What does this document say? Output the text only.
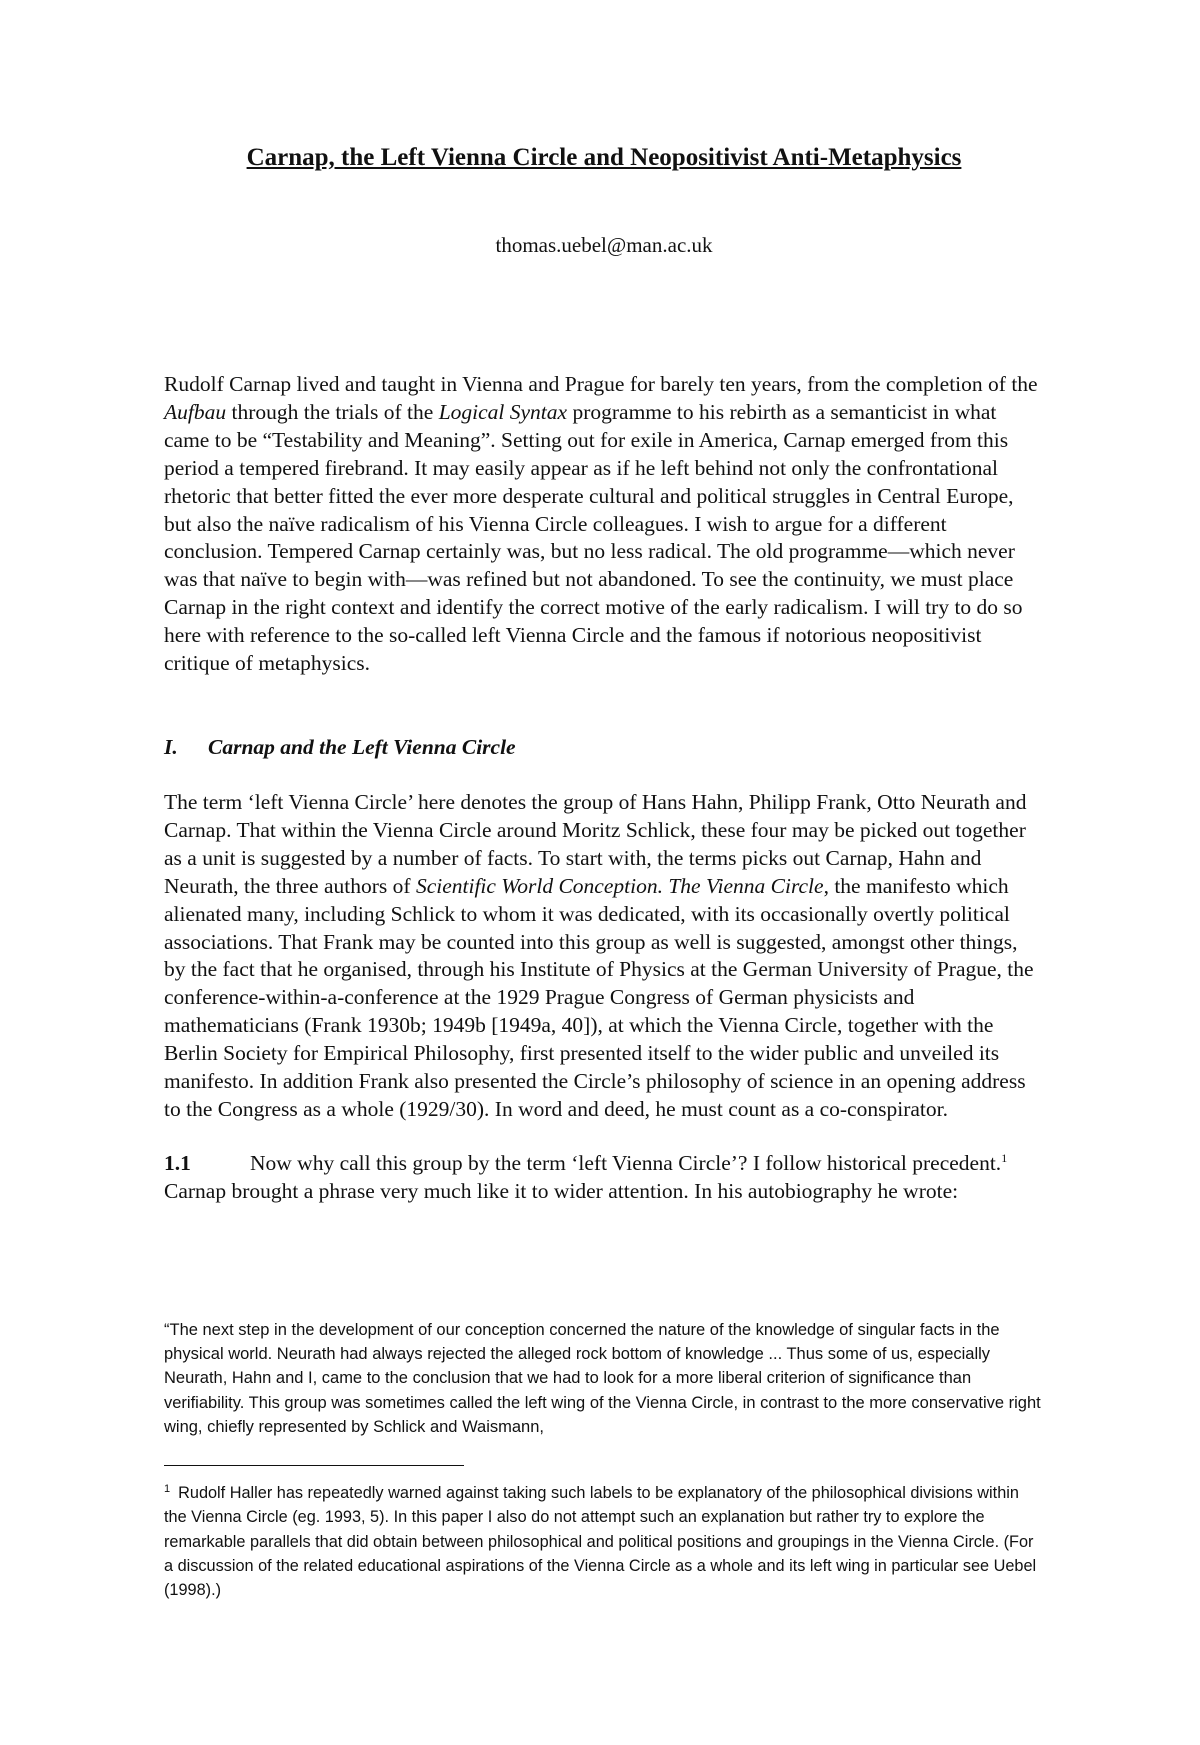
Carnap, the Left Vienna Circle and Neopositivist Anti-Metaphysics

thomas.uebel@man.ac.uk

Rudolf Carnap lived and taught in Vienna and Prague for barely ten years, from the completion of the Aufbau through the trials of the Logical Syntax programme to his rebirth as a semanticist in what came to be “Testability and Meaning”. Setting out for exile in America, Carnap emerged from this period a tempered firebrand. It may easily appear as if he left behind not only the confrontational rhetoric that better fitted the ever more desperate cultural and political struggles in Central Europe, but also the naïve radicalism of his Vienna Circle colleagues. I wish to argue for a different conclusion. Tempered Carnap certainly was, but no less radical. The old programme—which never was that naïve to begin with—was refined but not abandoned. To see the continuity, we must place Carnap in the right context and identify the correct motive of the early radicalism. I will try to do so here with reference to the so-called left Vienna Circle and the famous if notorious neopositivist critique of metaphysics.

I. Carnap and the Left Vienna Circle

The term ‘left Vienna Circle’ here denotes the group of Hans Hahn, Philipp Frank, Otto Neurath and Carnap. That within the Vienna Circle around Moritz Schlick, these four may be picked out together as a unit is suggested by a number of facts. To start with, the terms picks out Carnap, Hahn and Neurath, the three authors of Scientific World Conception. The Vienna Circle, the manifesto which alienated many, including Schlick to whom it was dedicated, with its occasionally overtly political associations. That Frank may be counted into this group as well is suggested, amongst other things, by the fact that he organised, through his Institute of Physics at the German University of Prague, the conference-within-a-conference at the 1929 Prague Congress of German physicists and mathematicians (Frank 1930b; 1949b [1949a, 40]), at which the Vienna Circle, together with the Berlin Society for Empirical Philosophy, first presented itself to the wider public and unveiled its manifesto. In addition Frank also presented the Circle’s philosophy of science in an opening address to the Congress as a whole (1929/30). In word and deed, he must count as a co-conspirator.

1.1	Now why call this group by the term ‘left Vienna Circle’? I follow historical precedent.$^1$ Carnap brought a phrase very much like it to wider attention. In his autobiography he wrote:

“The next step in the development of our conception concerned the nature of the knowledge of singular facts in the physical world. Neurath had always rejected the alleged rock bottom of knowledge ... Thus some of us, especially Neurath, Hahn and I, came to the conclusion that we had to look for a more liberal criterion of significance than verifiability. This group was sometimes called the left wing of the Vienna Circle, in contrast to the more conservative right wing, chiefly represented by Schlick and Waismann,

$^1$ Rudolf Haller has repeatedly warned against taking such labels to be explanatory of the philosophical divisions within the Vienna Circle (eg. 1993, 5). In this paper I also do not attempt such an explanation but rather try to explore the remarkable parallels that did obtain between philosophical and political positions and groupings in the Vienna Circle. (For a discussion of the related educational aspirations of the Vienna Circle as a whole and its left wing in particular see Uebel (1998).)
